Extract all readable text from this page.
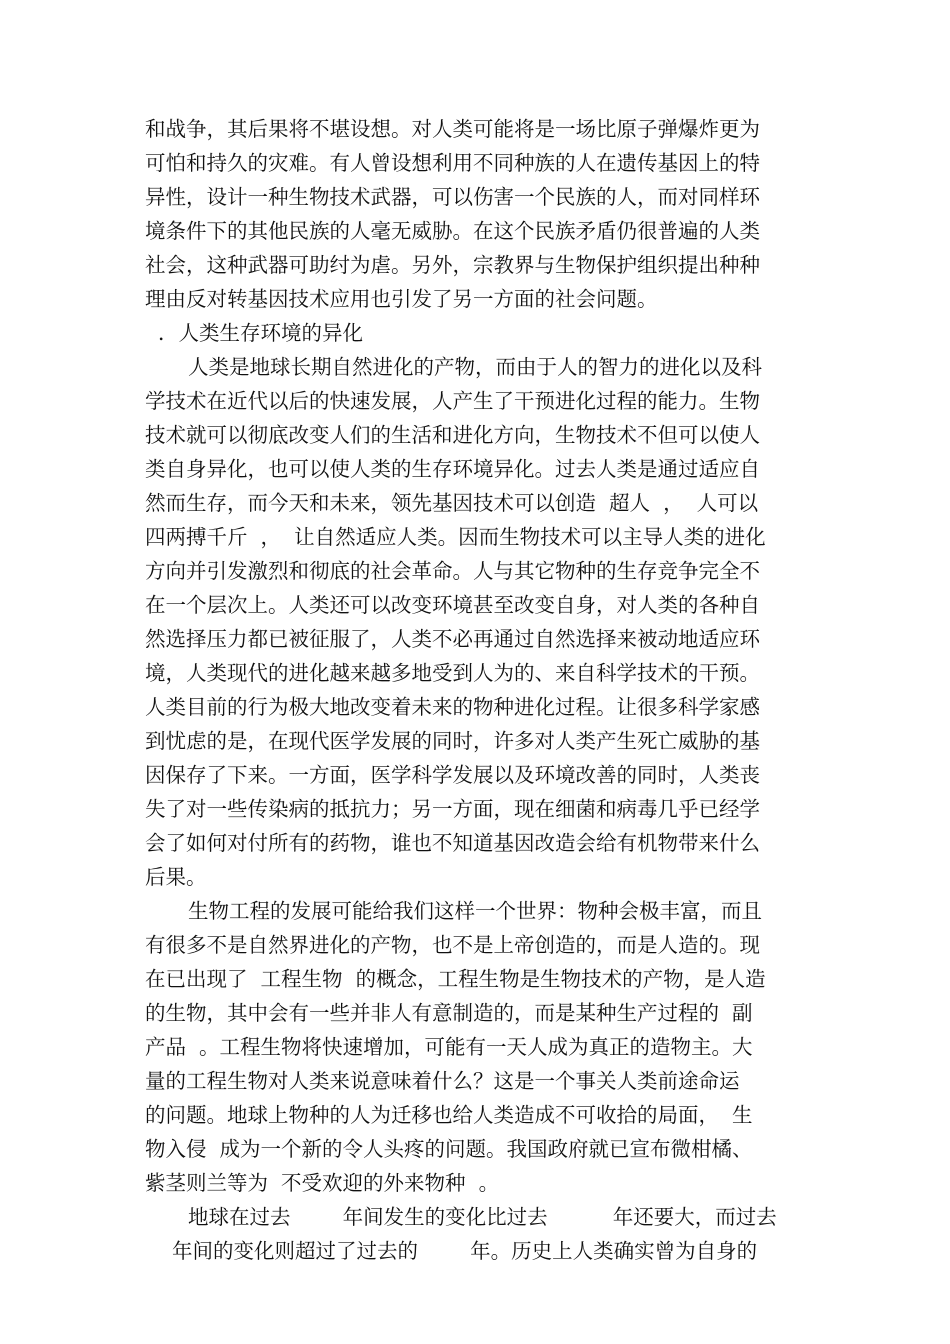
和战争，其后果将不堪设想。对人类可能将是一场比原子弹爆炸更为
可怕和持久的灾难。有人曾设想利用不同种族的人在遗传基因上的特
异性，设计一种生物技术武器，可以伤害一个民族的人，而对同样环
境条件下的其他民族的人毫无威胁。在这个民族矛盾仍很普遍的人类
社会，这种武器可助纣为虐。另外，宗教界与生物保护组织提出种种
理由反对转基因技术应用也引发了另一方面的社会问题。
．人类生存环境的异化
人类是地球长期自然进化的产物，而由于人的智力的进化以及科
学技术在近代以后的快速发展，人产生了干预进化过程的能力。生物
技术就可以彻底改变人们的生活和进化方向，生物技术不但可以使人
类自身异化，也可以使人类的生存环境异化。过去人类是通过适应自
然而生存，而今天和未来，领先基因技术可以创造  超人  ，  人可以
四两搏千斤  ，  让自然适应人类。因而生物技术可以主导人类的进化
方向并引发激烈和彻底的社会革命。人与其它物种的生存竞争完全不
在一个层次上。人类还可以改变环境甚至改变自身，对人类的各种自
然选择压力都已被征服了，人类不必再通过自然选择来被动地适应环
境，人类现代的进化越来越多地受到人为的、来自科学技术的干预。
人类目前的行为极大地改变着未来的物种进化过程。让很多科学家感
到忧虑的是，在现代医学发展的同时，许多对人类产生死亡威胁的基
因保存了下来。一方面，医学科学发展以及环境改善的同时，人类丧
失了对一些传染病的抵抗力；另一方面，现在细菌和病毒几乎已经学
会了如何对付所有的药物，谁也不知道基因改造会给有机物带来什么
后果。
生物工程的发展可能给我们这样一个世界：物种会极丰富，而且
有很多不是自然界进化的产物，也不是上帝创造的，而是人造的。现
在已出现了  工程生物  的概念，工程生物是生物技术的产物，是人造
的生物，其中会有一些并非人有意制造的，而是某种生产过程的  副
产品  。工程生物将快速增加，可能有一天人成为真正的造物主。大
量的工程生物对人类来说意味着什么？这是一个事关人类前途命运
的问题。地球上物种的人为迁移也给人类造成不可收拾的局面，  生
物入侵  成为一个新的令人头疼的问题。我国政府就已宣布微柑橘、
紫茎则兰等为  不受欢迎的外来物种  。
地球在过去        年间发生的变化比过去          年还要大，而过去
年间的变化则超过了过去的        年。历史上人类确实曾为自身的
